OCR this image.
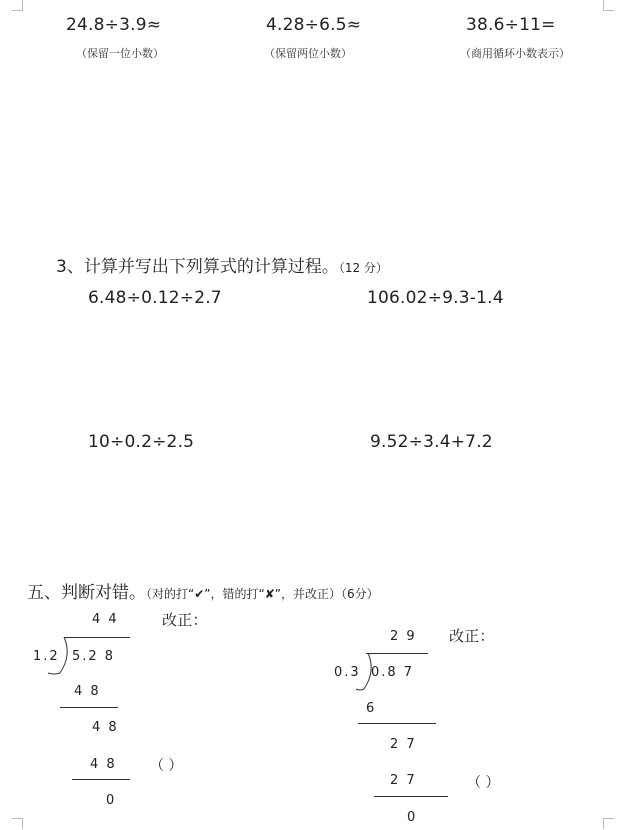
24.8÷3.9≈
（保留一位小数）
4.28÷6.5≈
（保留两位小数）
38.6÷11=
（商用循环小数表示）
3、计算并写出下列算式的计算过程。（12 分）
6.48÷0.12÷2.7	106.02÷9.3-1.4
10÷0.2÷2.5	9.52÷3.4+7.2
五、判断对错。（对的打“✔”，错的打“✘”，并改正）（6分）
4 4
1.2 5.2 8
4 8
4 8
4 8
0
改正：
（ ）
2 9
0.3 0.8 7
6
2 7
2 7
0
改正：
（ ）
